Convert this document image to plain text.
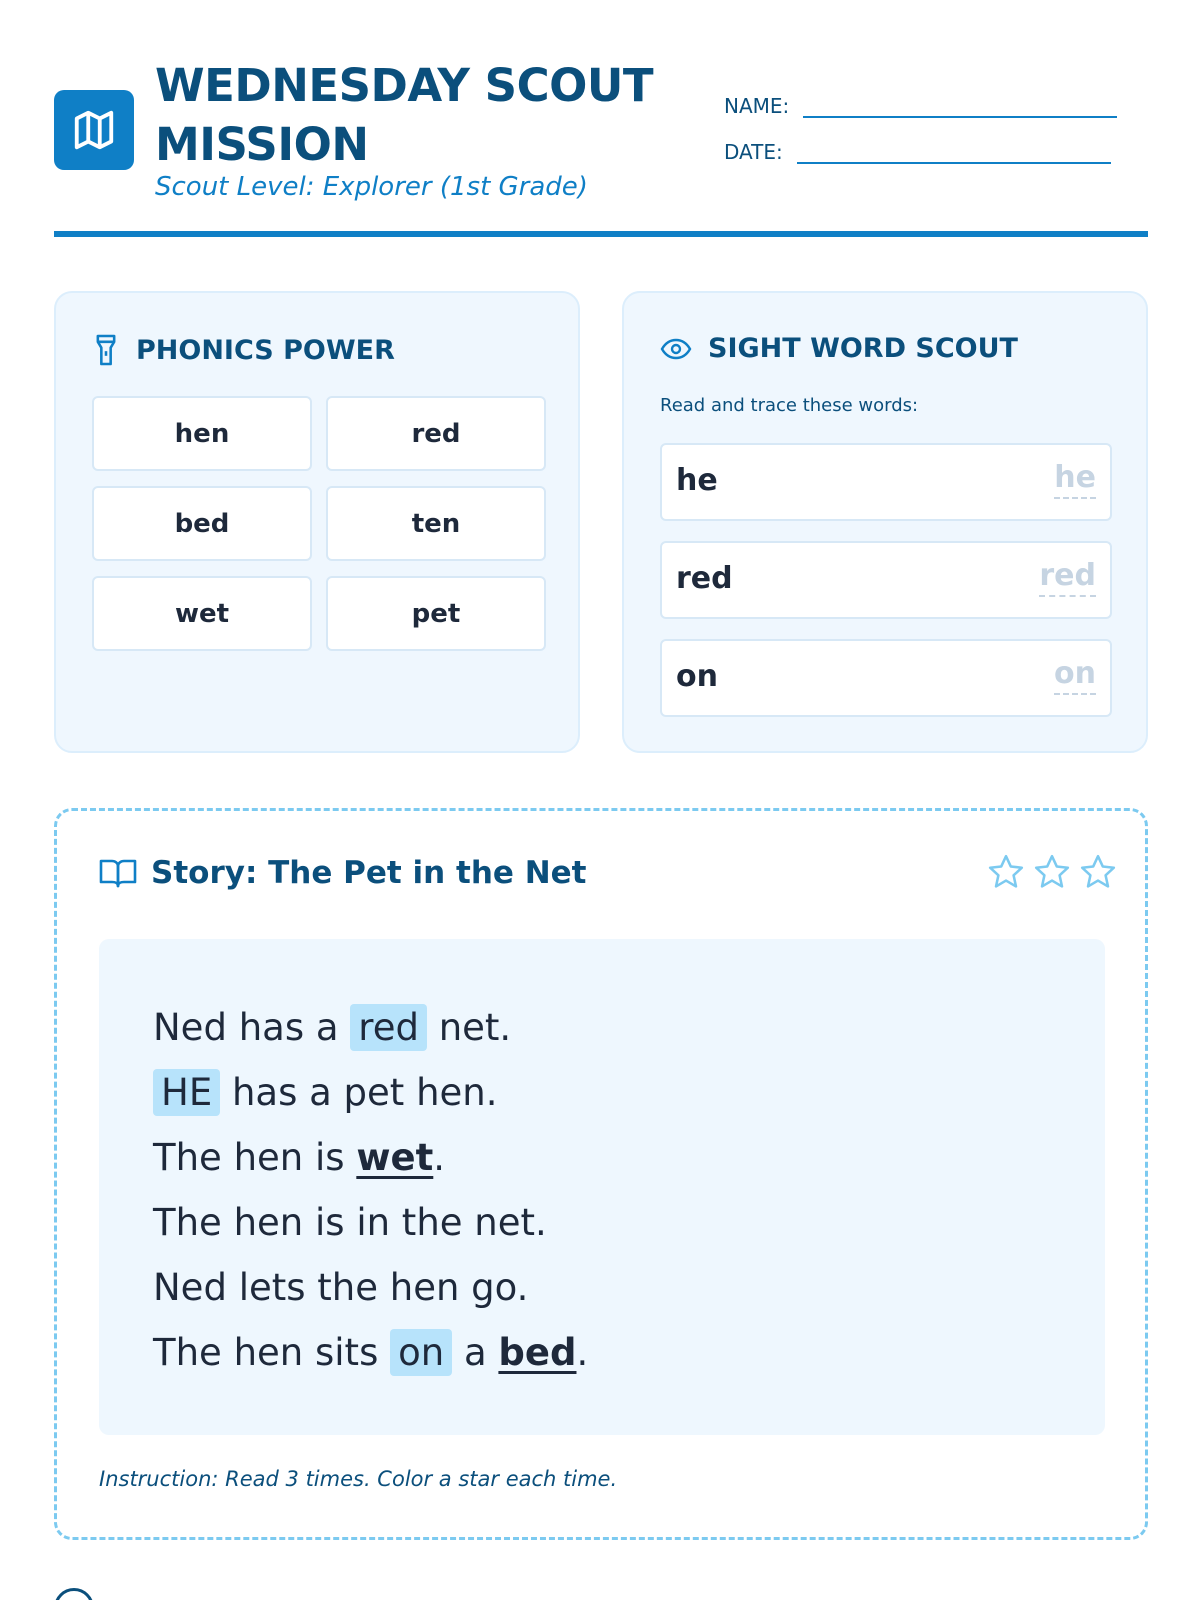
WEDNESDAY SCOUT MISSION
Scout Level: Explorer (1st Grade)
NAME:
DATE:
PHONICS POWER
hen	red
bed	ten
wet	pet
SIGHT WORD SCOUT
Read and trace these words:
he	he
red	red
on	on
Story: The Pet in the Net
Ned has a red net.
HE has a pet hen.
The hen is wet.
The hen is in the net.
Ned lets the hen go.
The hen sits on a bed.
Instruction: Read 3 times. Color a star each time.
